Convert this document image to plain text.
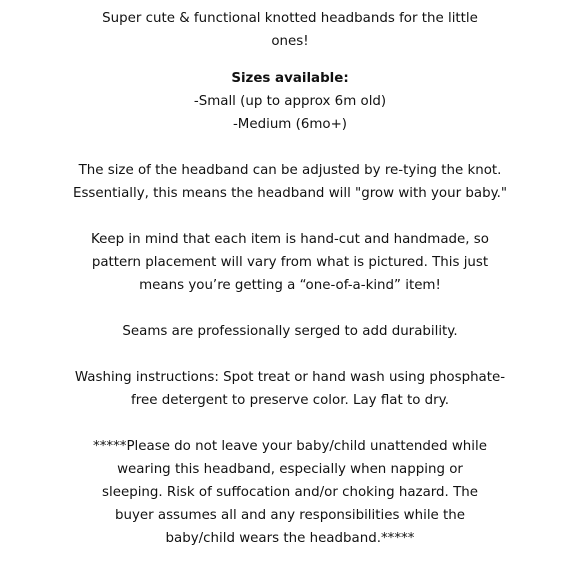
Super cute & functional knotted headbands for the little ones!

Sizes available:

-Small (up to approx 6m old)
-Medium (6mo+)

The size of the headband can be adjusted by re-tying the knot. Essentially, this means the headband will "grow with your baby."

Keep in mind that each item is hand-cut and handmade, so pattern placement will vary from what is pictured. This just means you’re getting a “one-of-a-kind” item!

Seams are professionally serged to add durability.

Washing instructions: Spot treat or hand wash using phosphate-free detergent to preserve color. Lay flat to dry.

*****Please do not leave your baby/child unattended while wearing this headband, especially when napping or sleeping. Risk of suffocation and/or choking hazard. The buyer assumes all and any responsibilities while the baby/child wears the headband.*****
